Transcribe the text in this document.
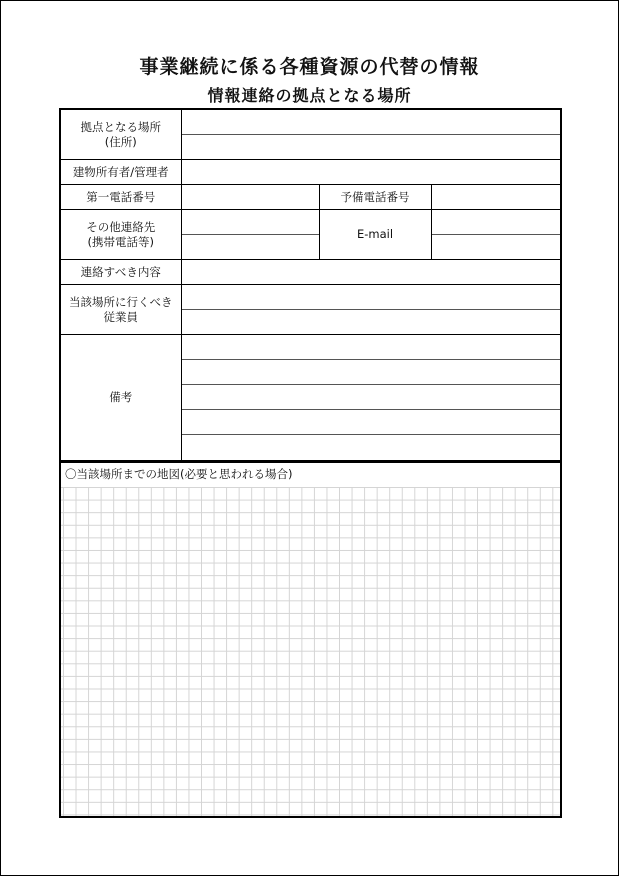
事業継続に係る各種資源の代替の情報
情報連絡の拠点となる場所
拠点となる場所
(住所)			

建物所有者/管理者			
第一電話番号		予備電話番号	

その他連絡先
(携帯電話等)		E-mail	

連絡すべき内容			

当該場所に行くべき
従業員			

備考			
〇当該場所までの地図(必要と思われる場合)
